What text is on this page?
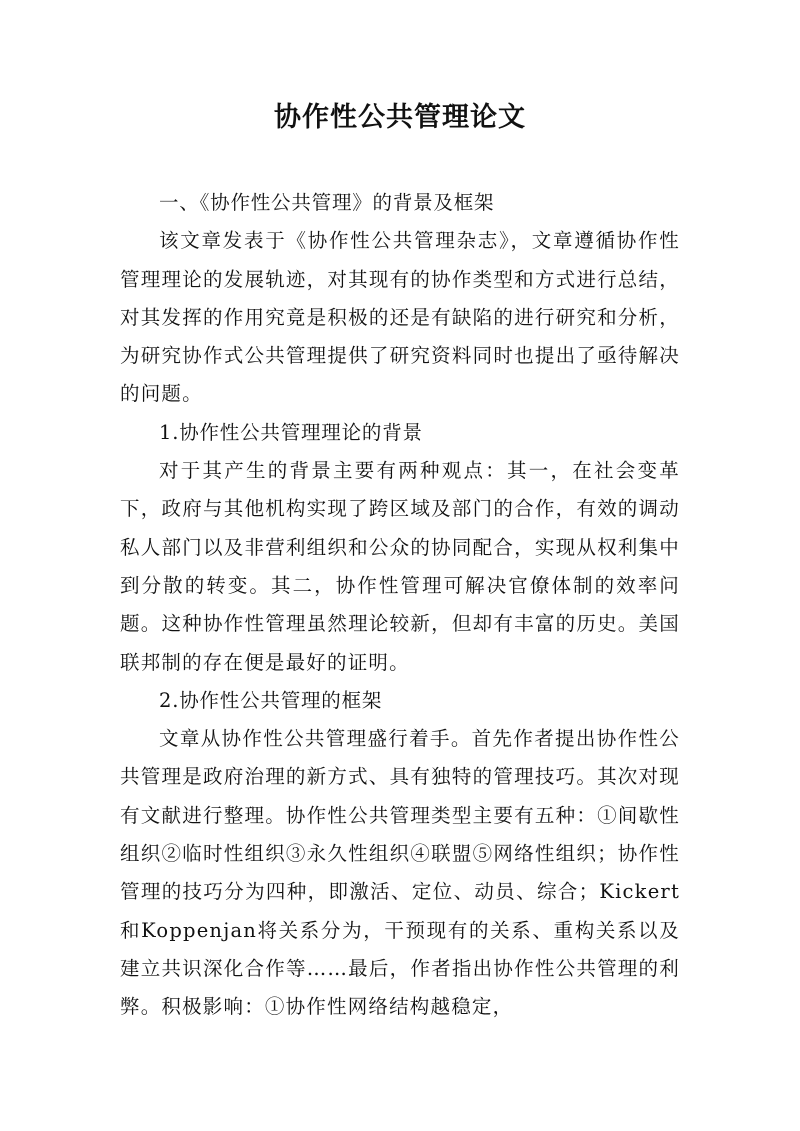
协作性公共管理论文

一、《协作性公共管理》的背景及框架

该文章发表于《协作性公共管理杂志》，文章遵循协作性管理理论的发展轨迹，对其现有的协作类型和方式进行总结，对其发挥的作用究竟是积极的还是有缺陷的进行研究和分析，为研究协作式公共管理提供了研究资料同时也提出了亟待解决的问题。

1.协作性公共管理理论的背景

对于其产生的背景主要有两种观点：其一，在社会变革下，政府与其他机构实现了跨区域及部门的合作，有效的调动私人部门以及非营利组织和公众的协同配合，实现从权利集中到分散的转变。其二，协作性管理可解决官僚体制的效率问题。这种协作性管理虽然理论较新，但却有丰富的历史。美国联邦制的存在便是最好的证明。

2.协作性公共管理的框架

文章从协作性公共管理盛行着手。首先作者提出协作性公共管理是政府治理的新方式、具有独特的管理技巧。其次对现有文献进行整理。协作性公共管理类型主要有五种：①间歇性组织②临时性组织③永久性组织④联盟⑤网络性组织；协作性管理的技巧分为四种，即激活、定位、动员、综合；Kickert和Koppenjan将关系分为，干预现有的关系、重构关系以及建立共识深化合作等……最后，作者指出协作性公共管理的利弊。积极影响：①协作性网络结构越稳定，
